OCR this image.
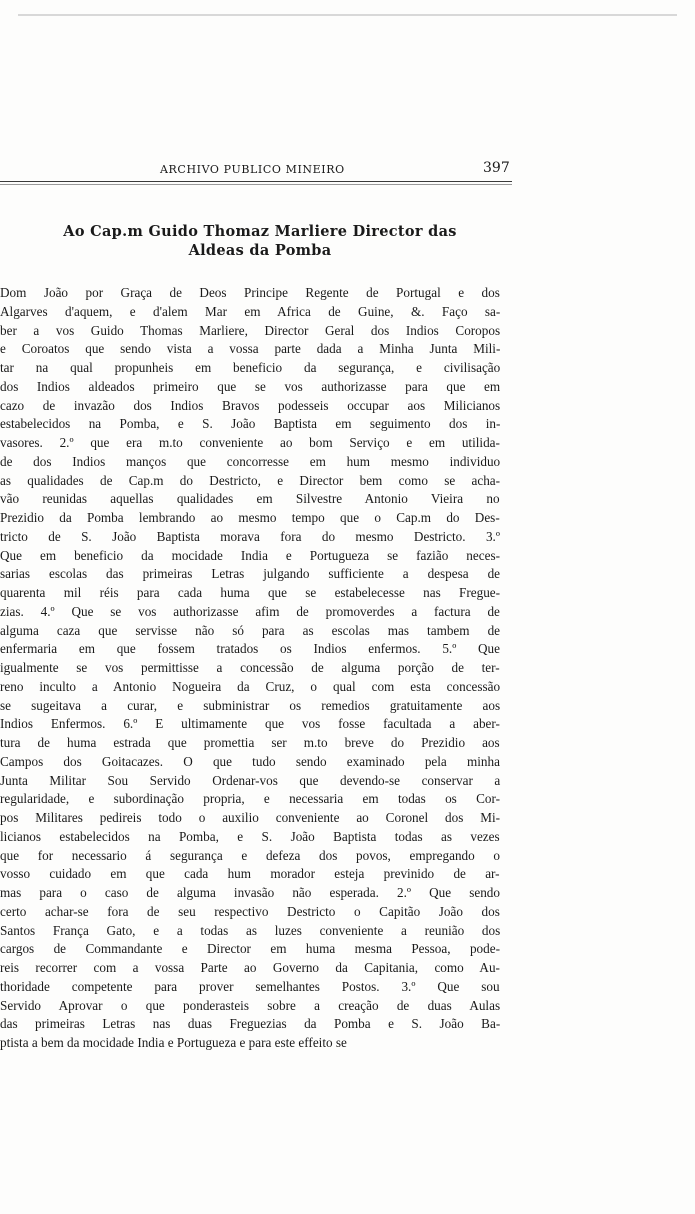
ARCHIVO PUBLICO MINEIRO	397
Ao Cap.m Guido Thomaz Marliere Director das
Aldeas da Pomba
Dom João por Graça de Deos Principe Regente de Portugal e dos
Algarves d'aquem, e d'alem Mar em Africa de Guine, &. Faço sa-
ber a vos Guido Thomas Marliere, Director Geral dos Indios Coropos
e Coroatos que sendo vista a vossa parte dada a Minha Junta Mili-
tar na qual propunheis em beneficio da segurança, e civilisação
dos Indios aldeados primeiro que se vos authorizasse para que em
cazo de invazão dos Indios Bravos podesseis occupar aos Milicianos
estabelecidos na Pomba, e S. João Baptista em seguimento dos in-
vasores. 2.º que era m.to conveniente ao bom Serviço e em utilida-
de dos Indios manços que concorresse em hum mesmo individuo
as qualidades de Cap.m do Destricto, e Director bem como se acha-
vão reunidas aquellas qualidades em Silvestre Antonio Vieira no
Prezidio da Pomba lembrando ao mesmo tempo que o Cap.m do Des-
tricto de S. João Baptista morava fora do mesmo Destricto. 3.º
Que em beneficio da mocidade India e Portugueza se fazião neces-
sarias escolas das primeiras Letras julgando sufficiente a despesa de
quarenta mil réis para cada huma que se estabelecesse nas Fregue-
zias. 4.º Que se vos authorizasse afim de promoverdes a factura de
alguma caza que servisse não só para as escolas mas tambem de
enfermaria em que fossem tratados os Indios enfermos. 5.º Que
igualmente se vos permittisse a concessão de alguma porção de ter-
reno inculto a Antonio Nogueira da Cruz, o qual com esta concessão
se sugeitava a curar, e subministrar os remedios gratuitamente aos
Indios Enfermos. 6.º E ultimamente que vos fosse facultada a aber-
tura de huma estrada que promettia ser m.to breve do Prezidio aos
Campos dos Goitacazes. O que tudo sendo examinado pela minha
Junta Militar Sou Servido Ordenar-vos que devendo-se conservar a
regularidade, e subordinação propria, e necessaria em todas os Cor-
pos Militares pedireis todo o auxilio conveniente ao Coronel dos Mi-
licianos estabelecidos na Pomba, e S. João Baptista todas as vezes
que for necessario á segurança e defeza dos povos, empregando o
vosso cuidado em que cada hum morador esteja previnido de ar-
mas para o caso de alguma invasão não esperada. 2.º Que sendo
certo achar-se fora de seu respectivo Destricto o Capitão João dos
Santos França Gato, e a todas as luzes conveniente a reunião dos
cargos de Commandante e Director em huma mesma Pessoa, pode-
reis recorrer com a vossa Parte ao Governo da Capitania, como Au-
thoridade competente para prover semelhantes Postos. 3.º Que sou
Servido Aprovar o que ponderasteis sobre a creação de duas Aulas
das primeiras Letras nas duas Freguezias da Pomba e S. João Ba-
ptista a bem da mocidade India e Portugueza e para este effeito se
